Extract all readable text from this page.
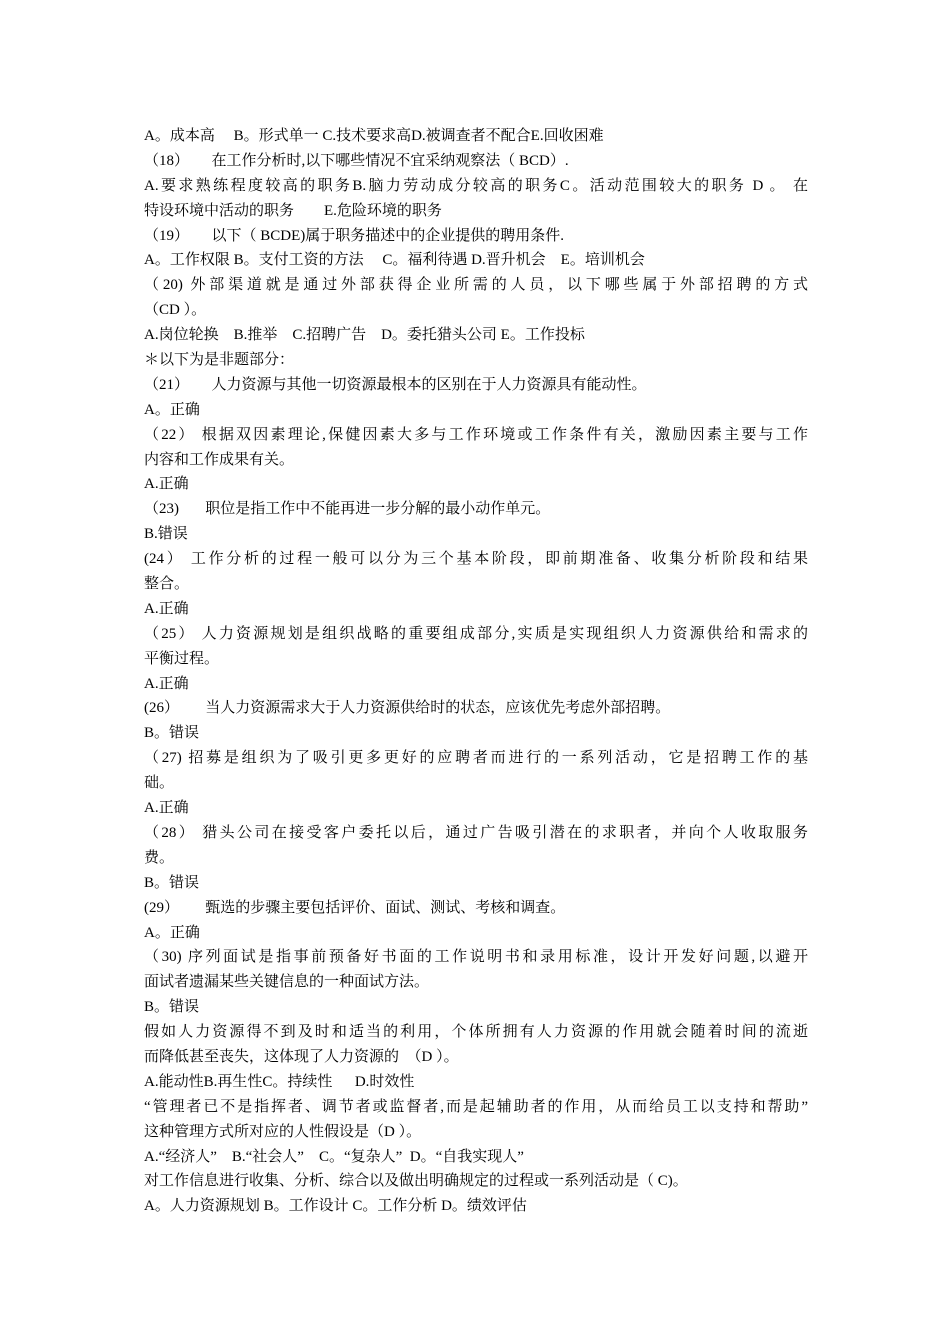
A。成本高     B。形式单一 C.技术要求高D.被调查者不配合E.回收困难
（18）      在工作分析时,以下哪些情况不宜采纳观察法（ BCD）.
A.要求熟练程度较高的职务B.脑力劳动成分较高的职务C。活动范围较大的职务 D 。 在
特设环境中活动的职务        E.危险环境的职务
（19）      以下（ BCDE)属于职务描述中的企业提供的聘用条件.
A。工作权限 B。支付工资的方法     C。福利待遇 D.晋升机会    E。培训机会
（20) 外部渠道就是通过外部获得企业所需的人员，以下哪些属于外部招聘的方式
（CD ）。
A.岗位轮换    B.推举    C.招聘广告    D。委托猎头公司 E。工作投标
＊以下为是非题部分：
（21）      人力资源与其他一切资源最根本的区别在于人力资源具有能动性。
A。正确
（22） 根据双因素理论,保健因素大多与工作环境或工作条件有关，激励因素主要与工作
内容和工作成果有关。
A.正确
（23)       职位是指工作中不能再进一步分解的最小动作单元。
B.错误
(24） 工作分析的过程一般可以分为三个基本阶段，即前期准备、收集分析阶段和结果
整合。
A.正确
（25） 人力资源规划是组织战略的重要组成部分,实质是实现组织人力资源供给和需求的
平衡过程。
A.正确
(26）       当人力资源需求大于人力资源供给时的状态，应该优先考虑外部招聘。
B。错误
（27) 招募是组织为了吸引更多更好的应聘者而进行的一系列活动，它是招聘工作的基
础。
A.正确
（28） 猎头公司在接受客户委托以后，通过广告吸引潜在的求职者，并向个人收取服务
费。
B。错误
(29）       甄选的步骤主要包括评价、面试、测试、考核和调查。
A。正确
（30) 序列面试是指事前预备好书面的工作说明书和录用标准，设计开发好问题,以避开
面试者遗漏某些关键信息的一种面试方法。
B。错误
假如人力资源得不到及时和适当的利用，个体所拥有人力资源的作用就会随着时间的流逝
而降低甚至丧失，这体现了人力资源的  （D ）。
A.能动性B.再生性C。持续性      D.时效性
“管理者已不是指挥者、调节者或监督者,而是起辅助者的作用，从而给员工以支持和帮助”
这种管理方式所对应的人性假设是（D ）。
A.“经济人”    B.“社会人”    C。“复杂人”  D。“自我实现人”
对工作信息进行收集、分析、综合以及做出明确规定的过程或一系列活动是（ C)。
A。人力资源规划 B。工作设计 C。工作分析 D。绩效评估
